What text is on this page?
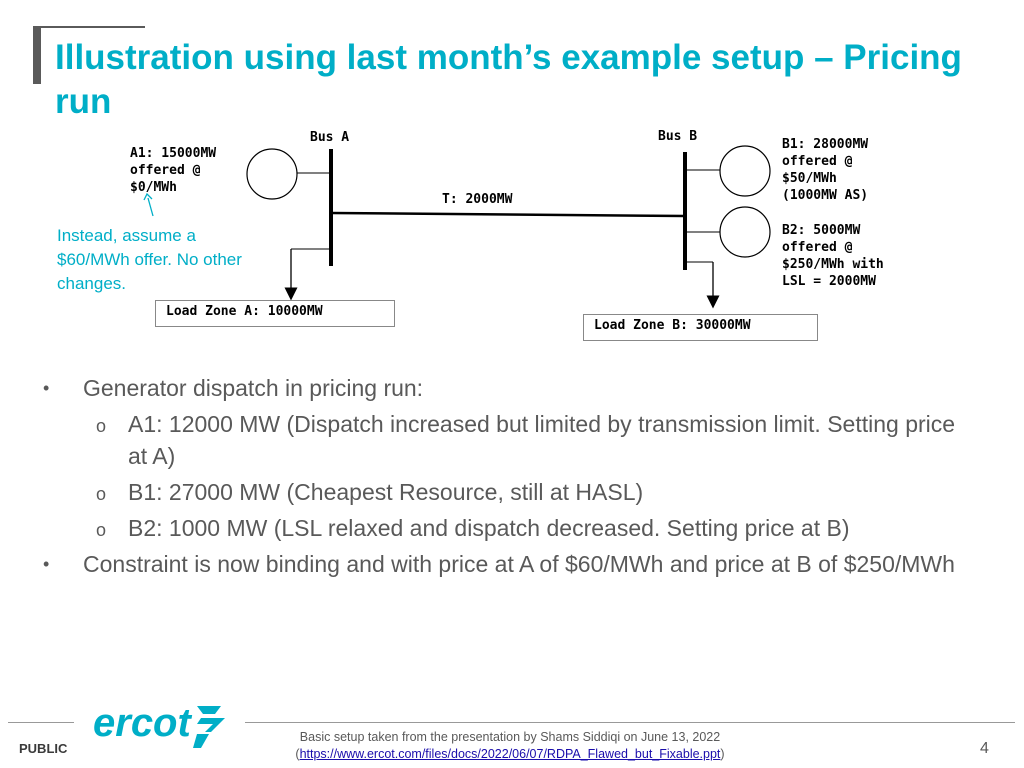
Illustration using last month’s example setup – Pricing run
Bus A	Bus B
A1: 15000MW
offered @
$0/MWh
B1: 28000MW
offered @
$50/MWh
(1000MW AS)
B2: 5000MW
offered @
$250/MWh with
LSL = 2000MW
T: 2000MW
Load Zone A: 10000MW
Load Zone B: 30000MW
Instead, assume a $60/MWh offer. No other changes.
• Generator dispatch in pricing run:
o A1: 12000 MW (Dispatch increased but limited by transmission limit. Setting price at A)
o B1: 27000 MW (Cheapest Resource, still at HASL)
o B2: 1000 MW (LSL relaxed and dispatch decreased. Setting price at B)
• Constraint is now binding and with price at A of $60/MWh and price at B of $250/MWh
PUBLIC
ercot	Basic setup taken from the presentation by Shams Siddiqi on June 13, 2022
(https://www.ercot.com/files/docs/2022/06/07/RDPA_Flawed_but_Fixable.ppt)	4
